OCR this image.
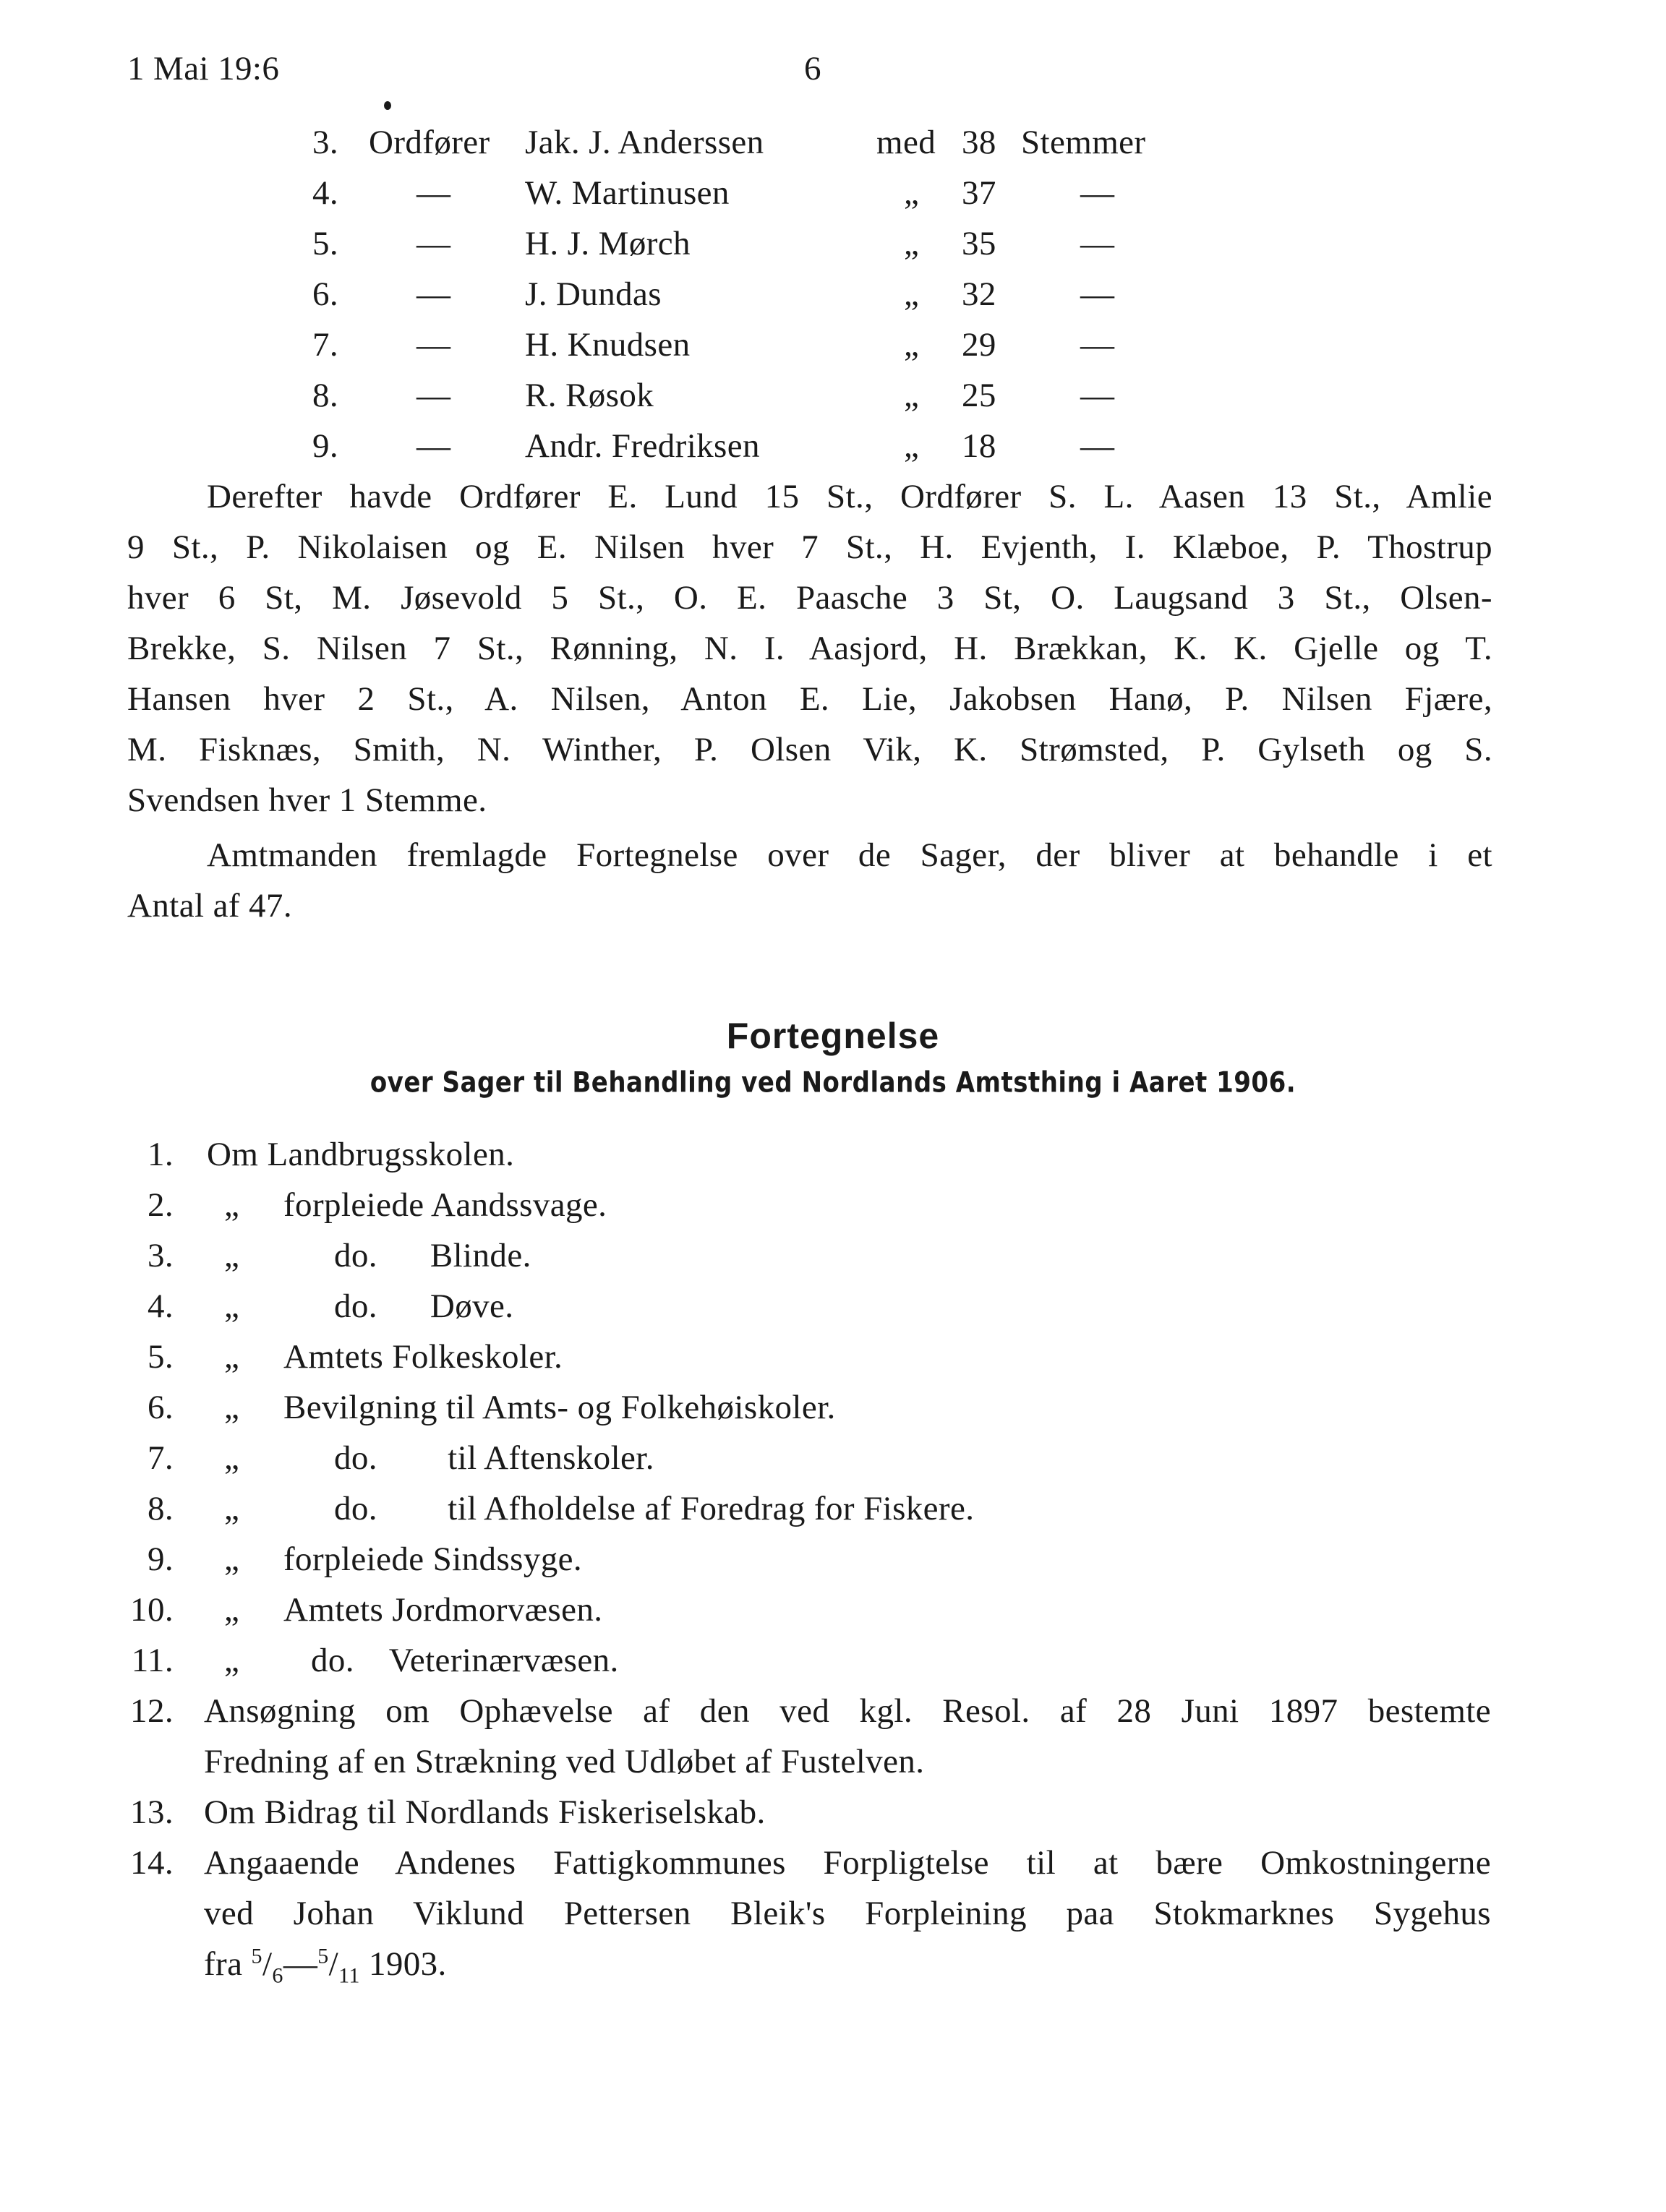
1 Mai 19:6	6
3. Ordfører Jak. J. Anderssen	med 38 Stemmer
4. — W. Martinusen	„ 37 —
5. — H. J. Mørch	„ 35 —
6. — J. Dundas	„ 32 —
7. — H. Knudsen	„ 29 —
8. — R. Røsok	„ 25 —
9. — Andr. Fredriksen	„ 18 —
Derefter havde Ordfører E. Lund 15 St., Ordfører S. L. Aasen 13 St., Amlie
9 St., P. Nikolaisen og E. Nilsen hver 7 St., H. Evjenth, I. Klæboe, P. Thostrup
hver 6 St, M. Jøsevold 5 St., O. E. Paasche 3 St, O. Laugsand 3 St., Olsen-
Brekke, S. Nilsen 7 St., Rønning, N. I. Aasjord, H. Brækkan, K. K. Gjelle og T.
Hansen hver 2 St., A. Nilsen, Anton E. Lie, Jakobsen Hanø, P. Nilsen Fjære,
M. Fisknæs, Smith, N. Winther, P. Olsen Vik, K. Strømsted, P. Gylseth og S.
Svendsen hver 1 Stemme.
Amtmanden fremlagde Fortegnelse over de Sager, der bliver at behandle i et
Antal af 47.
Fortegnelse
over Sager til Behandling ved Nordlands Amtsthing i Aaret 1906.
1. Om Landbrugsskolen.
2. „ forpleiede Aandssvage.
3. „	do.      Blinde.
4. „	do.      Døve.
5. „ Amtets Folkeskoler.
6. „ Bevilgning til Amts- og Folkehøiskoler.
7. „	do.        til Aftenskoler.
8. „	do.        til Afholdelse af Foredrag for Fiskere.
9. „ forpleiede Sindssyge.
10. „ Amtets Jordmorvæsen.
11. „ do.    Veterinærvæsen.
12. Ansøgning om Ophævelse af den ved kgl. Resol. af 28 Juni 1897 bestemte
Fredning af en Strækning ved Udløbet af Fustelven.
13. Om Bidrag til Nordlands Fiskeriselskab.
14. Angaaende Andenes Fattigkommunes Forpligtelse til at bære Omkostningerne
ved Johan Viklund Pettersen Bleik's Forpleining paa Stokmarknes Sygehus
fra $^5/_6—^5/_{11}$ 1903.
